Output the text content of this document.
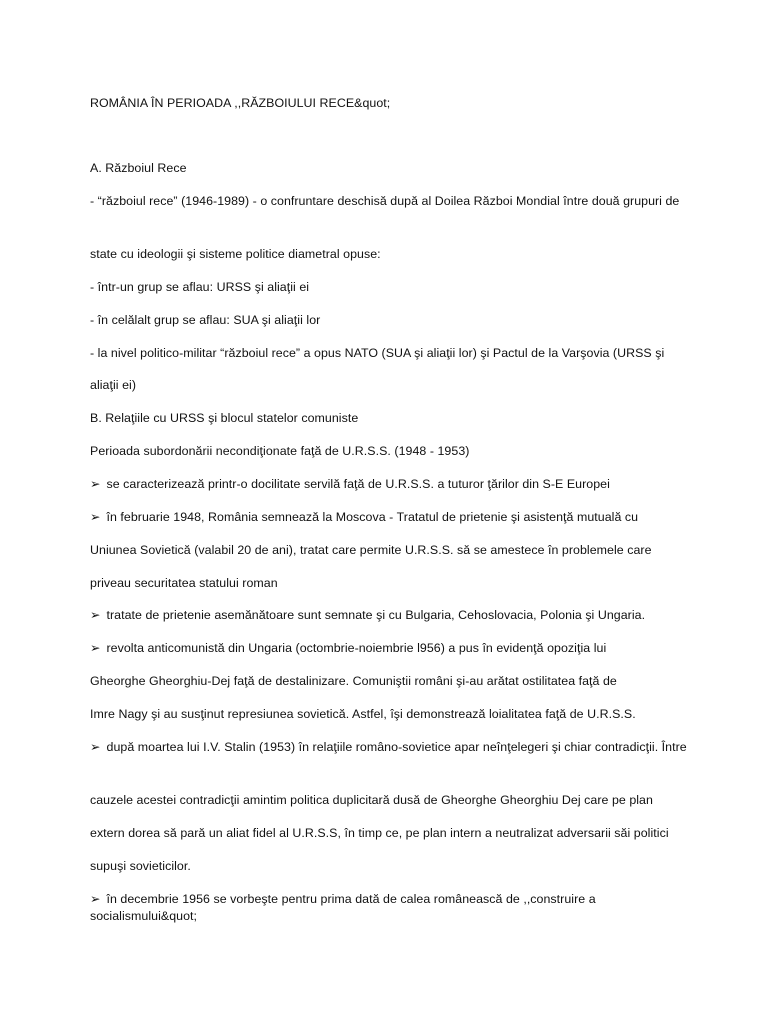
ROMÂNIA ÎN PERIOADA ,,RĂZBOIULUI RECE&quot;
A. Războiul Rece
- “războiul rece” (1946-1989) - o confruntare deschisă după al Doilea Război Mondial între două grupuri de
state cu ideologii şi sisteme politice diametral opuse:
- într-un grup se aflau: URSS şi aliaţii ei
- în celălalt grup se aflau: SUA şi aliaţii lor
- la nivel politico-militar “războiul rece” a opus NATO (SUA şi aliaţii lor) şi Pactul de la Varşovia (URSS şi
aliaţii ei)
B. Relaţiile cu URSS şi blocul statelor comuniste
Perioada subordonării necondiţionate faţă de U.R.S.S. (1948 - 1953)
➢ se caracterizează printr-o docilitate servilă faţă de U.R.S.S. a tuturor ţărilor din S-E Europei
➢ în februarie 1948, România semnează la Moscova - Tratatul de prietenie şi asistenţă mutuală cu
Uniunea Sovietică (valabil 20 de ani), tratat care permite U.R.S.S. să se amestece în problemele care
priveau securitatea statului roman
➢ tratate de prietenie asemănătoare sunt semnate şi cu Bulgaria, Cehoslovacia, Polonia şi Ungaria.
➢ revolta anticomunistă din Ungaria (octombrie-noiembrie l956) a pus în evidenţă opoziţia lui
Gheorghe Gheorghiu-Dej faţă de destalinizare. Comuniştii români şi-au arătat ostilitatea faţă de
Imre Nagy şi au susţinut represiunea sovietică. Astfel, îşi demonstrează loialitatea faţă de U.R.S.S.
➢ după moartea lui I.V. Stalin (1953) în relaţiile româno-sovietice apar neînţelegeri şi chiar contradicţii. Între
cauzele acestei contradicţii amintim politica duplicitară dusă de Gheorghe Gheorghiu Dej care pe plan
extern dorea să pară un aliat fidel al U.R.S.S, în timp ce, pe plan intern a neutralizat adversarii săi politici
supuşi sovieticilor.
➢ în decembrie 1956 se vorbeşte pentru prima dată de calea românească de ,,construire a
socialismului&quot;
